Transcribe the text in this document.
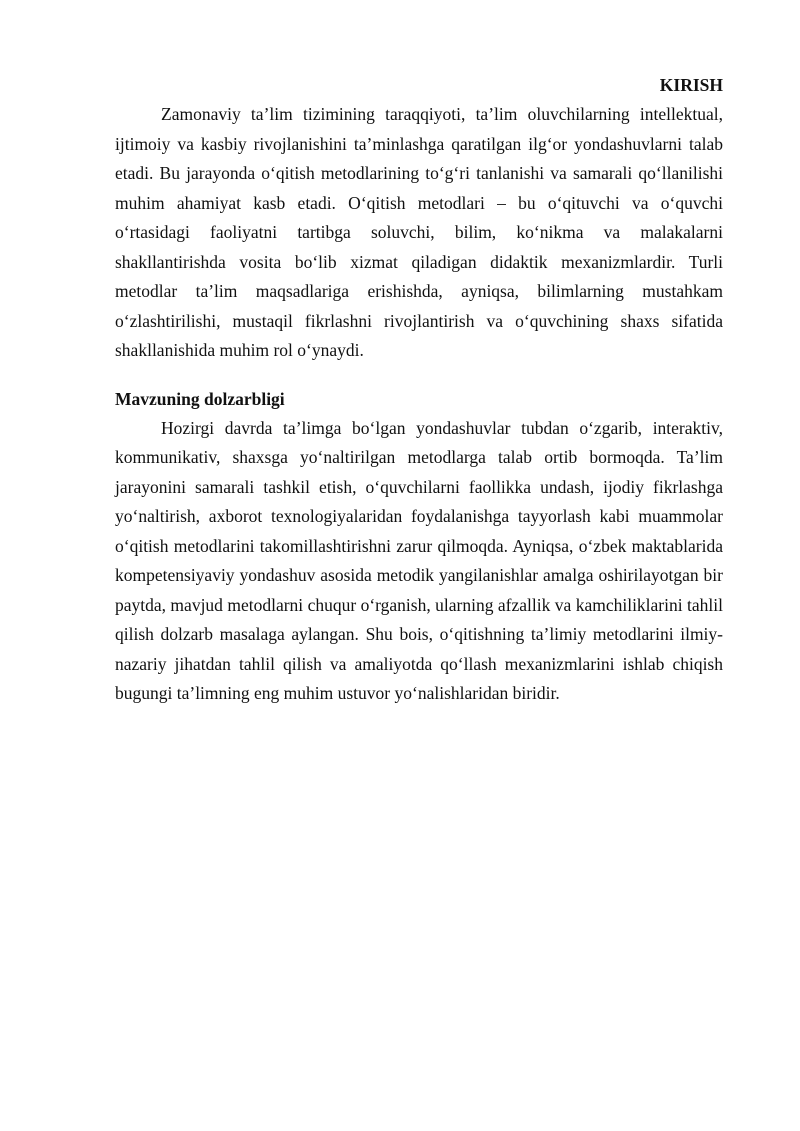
KIRISH

Zamonaviy ta’lim tizimining taraqqiyoti, ta’lim oluvchilarning intellektual, ijtimoiy va kasbiy rivojlanishini ta’minlashga qaratilgan ilg‘or yondashuvlarni talab etadi. Bu jarayonda o‘qitish metodlarining to‘g‘ri tanlanishi va samarali qo‘llanilishi muhim ahamiyat kasb etadi. O‘qitish metodlari – bu o‘qituvchi va o‘quvchi o‘rtasidagi faoliyatni tartibga soluvchi, bilim, ko‘nikma va malakalarni shakllantirishda vosita bo‘lib xizmat qiladigan didaktik mexanizmlardir. Turli metodlar ta’lim maqsadlariga erishishda, ayniqsa, bilimlarning mustahkam o‘zlashtirilishi, mustaqil fikrlashni rivojlantirish va o‘quvchining shaxs sifatida shakllanishida muhim rol o‘ynaydi.

Mavzuning dolzarbligi

Hozirgi davrda ta’limga bo‘lgan yondashuvlar tubdan o‘zgarib, interaktiv, kommunikativ, shaxsga yo‘naltirilgan metodlarga talab ortib bormoqda. Ta’lim jarayonini samarali tashkil etish, o‘quvchilarni faollikka undash, ijodiy fikrlashga yo‘naltirish, axborot texnologiyalaridan foydalanishga tayyorlash kabi muammolar o‘qitish metodlarini takomillashtirishni zarur qilmoqda. Ayniqsa, o‘zbek maktablarida kompetensiyaviy yondashuv asosida metodik yangilanishlar amalga oshirilayotgan bir paytda, mavjud metodlarni chuqur o‘rganish, ularning afzallik va kamchiliklarini tahlil qilish dolzarb masalaga aylangan. Shu bois, o‘qitishning ta’limiy metodlarini ilmiy-nazariy jihatdan tahlil qilish va amaliyotda qo‘llash mexanizmlarini ishlab chiqish bugungi ta’limning eng muhim ustuvor yo‘nalishlaridan biridir.
